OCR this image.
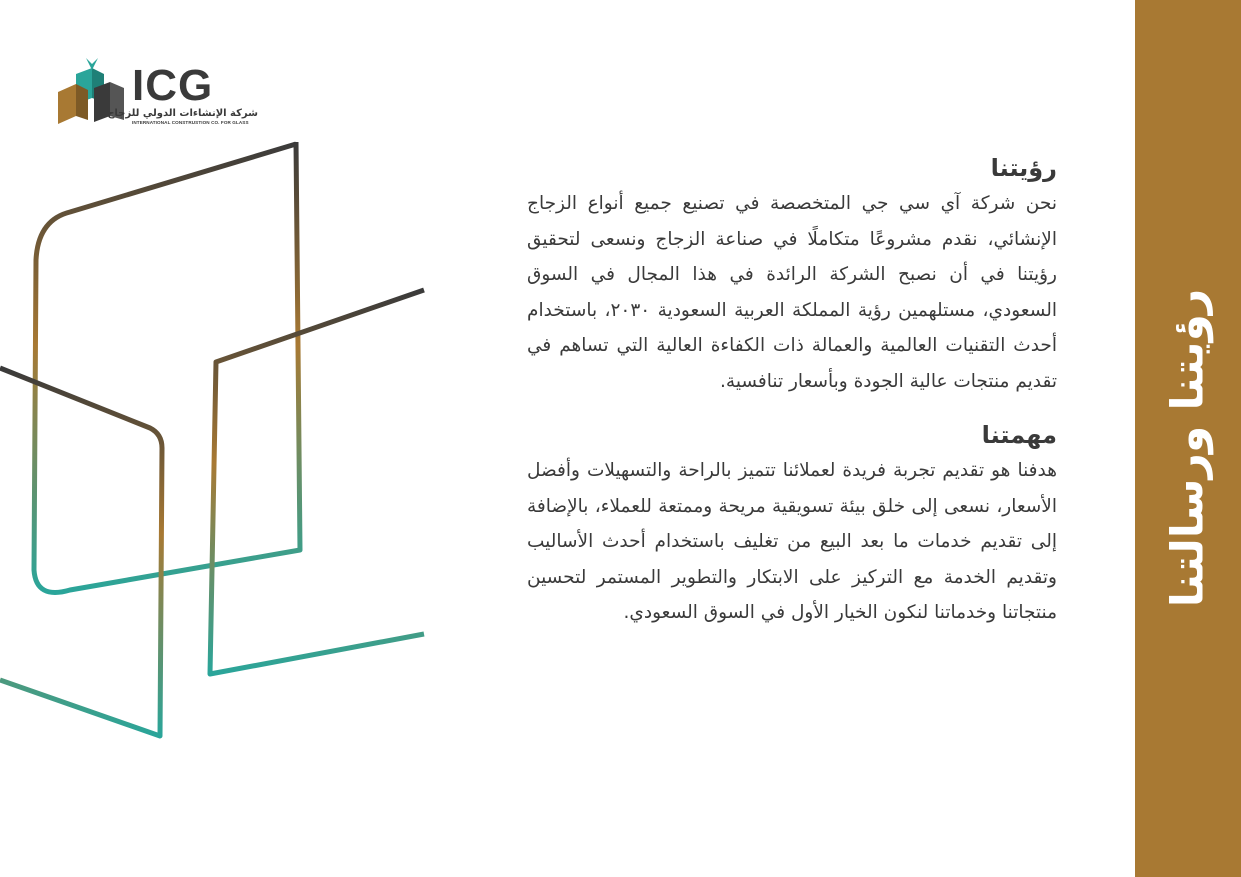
رؤيتنا ورسالتنا
ICG
شركة الإنشاءات الدولي للزجاج
INTERNATIONAL CONSTRUSTION CO. FOR GLASS
رؤيتنا

نحن شركة آي سي جي المتخصصة في تصنيع جميع أنواع الزجاج الإنشائي، نقدم مشروعًا متكاملًا في صناعة الزجاج ونسعى لتحقيق رؤيتنا في أن نصبح الشركة الرائدة في هذا المجال في السوق السعودي، مستلهمين رؤية المملكة العربية السعودية ٢٠٣٠، باستخدام أحدث التقنيات العالمية والعمالة ذات الكفاءة العالية التي تساهم في تقديم منتجات عالية الجودة وبأسعار تنافسية.

مهمتنا

هدفنا هو تقديم تجربة فريدة لعملائنا تتميز بالراحة والتسهيلات وأفضل الأسعار، نسعى إلى خلق بيئة تسويقية مريحة وممتعة للعملاء، بالإضافة إلى تقديم خدمات ما بعد البيع من تغليف باستخدام أحدث الأساليب وتقديم الخدمة مع التركيز على الابتكار والتطوير المستمر لتحسين منتجاتنا وخدماتنا لنكون الخيار الأول في السوق السعودي.
